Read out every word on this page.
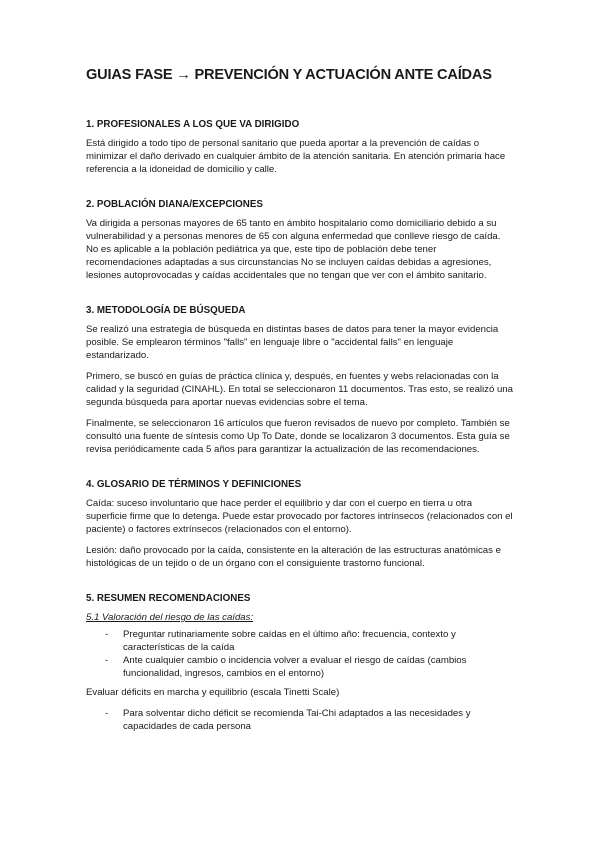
GUIAS FASE → PREVENCIÓN Y ACTUACIÓN ANTE CAÍDAS
1. PROFESIONALES A LOS QUE VA DIRIGIDO

Está dirigido a todo tipo de personal sanitario que pueda aportar a la prevención de caídas o minimizar el daño derivado en cualquier ámbito de la atención sanitaria. En atención primaria hace referencia a la idoneidad de domicilio y calle.

2. POBLACIÓN DIANA/EXCEPCIONES

Va dirigida a personas mayores de 65 tanto en ámbito hospitalario como domiciliario debido a su vulnerabilidad y a personas menores de 65 con alguna enfermedad que conlleve riesgo de caída. No es aplicable a la población pediátrica ya que, este tipo de población debe tener recomendaciones adaptadas a sus circunstancias No se incluyen caídas debidas a agresiones, lesiones autoprovocadas y caídas accidentales que no tengan que ver con el ámbito sanitario.

3. METODOLOGÍA DE BÚSQUEDA

Se realizó una estrategia de búsqueda en distintas bases de datos para tener la mayor evidencia posible. Se emplearon términos "falls" en lenguaje libre o "accidental falls" en lenguaje estandarizado.

Primero, se buscó en guías de práctica clínica y, después, en fuentes y webs relacionadas con la calidad y la seguridad (CINAHL). En total se seleccionaron 11 documentos. Tras esto, se realizó una segunda búsqueda para aportar nuevas evidencias sobre el tema.

Finalmente, se seleccionaron 16 artículos que fueron revisados de nuevo por completo. También se consultó una fuente de síntesis como Up To Date, donde se localizaron 3 documentos. Esta guía se revisa periódicamente cada 5 años para garantizar la actualización de las recomendaciones.

4. GLOSARIO DE TÉRMINOS Y DEFINICIONES

Caída: suceso involuntario que hace perder el equilibrio y dar con el cuerpo en tierra u otra superficie firme que lo detenga. Puede estar provocado por factores intrínsecos (relacionados con el paciente) o factores extrínsecos (relacionados con el entorno).

Lesión: daño provocado por la caída, consistente en la alteración de las estructuras anatómicas e histológicas de un tejido o de un órgano con el consiguiente trastorno funcional.

5. RESUMEN RECOMENDACIONES

5.1 Valoración del riesgo de las caídas:

- Preguntar rutinariamente sobre caídas en el último año: frecuencia, contexto y características de la caída
- Ante cualquier cambio o incidencia volver a evaluar el riesgo de caídas (cambios funcionalidad, ingresos, cambios en el entorno)

Evaluar déficits en marcha y equilibrio (escala Tinetti Scale)

- Para solventar dicho déficit se recomienda Tai-Chi adaptados a las necesidades y capacidades de cada persona
